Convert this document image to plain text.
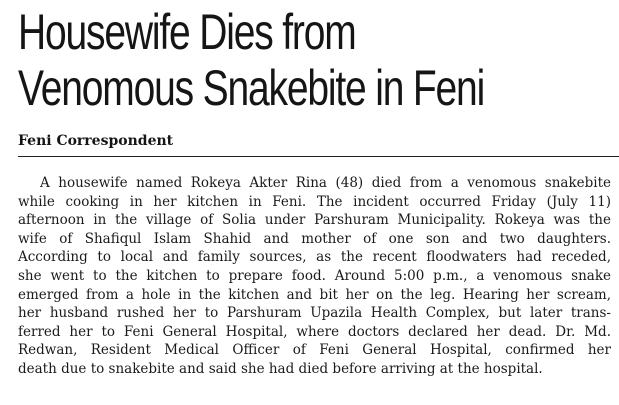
Housewife Dies from
Venomous Snakebite in Feni

Feni Correspondent

A housewife named Rokeya Akter Rina (48) died from a venomous snakebite
while cooking in her kitchen in Feni. The incident occurred Friday (July 11)
afternoon in the village of Solia under Parshuram Municipality. Rokeya was the
wife of Shafiqul Islam Shahid and mother of one son and two daughters.
According to local and family sources, as the recent floodwaters had receded,
she went to the kitchen to prepare food. Around 5:00 p.m., a venomous snake
emerged from a hole in the kitchen and bit her on the leg. Hearing her scream,
her husband rushed her to Parshuram Upazila Health Complex, but later trans-
ferred her to Feni General Hospital, where doctors declared her dead. Dr. Md.
Redwan, Resident Medical Officer of Feni General Hospital, confirmed her
death due to snakebite and said she had died before arriving at the hospital.
